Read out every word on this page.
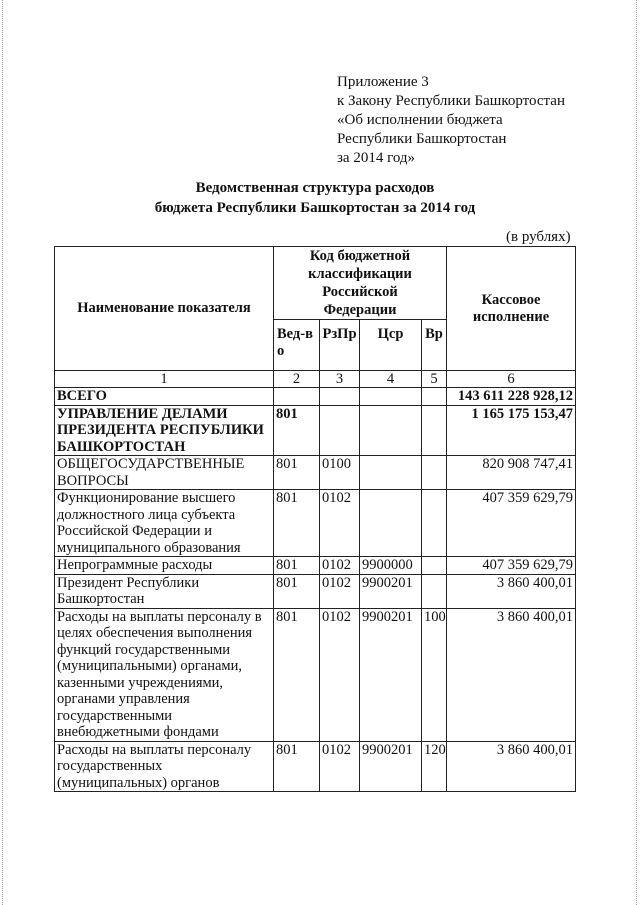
Приложение 3
к Закону Республики Башкортостан
«Об исполнении бюджета
Республики Башкортостан
за 2014 год»
Ведомственная структура расходов
бюджета Республики Башкортостан за 2014 год
(в рублях)
Наименование показателя	Код бюджетной классификации Российской Федерации				Кассовое исполнение
	Вед-во	РзПр	Цср	Вр	
1	2	3	4	5	6
ВСЕГО					143 611 228 928,12
УПРАВЛЕНИЕ ДЕЛАМИ ПРЕЗИДЕНТА РЕСПУБЛИКИ БАШКОРТОСТАН	801				1 165 175 153,47
ОБЩЕГОСУДАРСТВЕННЫЕ ВОПРОСЫ	801	0100			820 908 747,41
Функционирование высшего должностного лица субъекта Российской Федерации и муниципального образования	801	0102			407 359 629,79
Непрограммные расходы	801	0102	9900000		407 359 629,79
Президент Республики Башкортостан	801	0102	9900201		3 860 400,01
Расходы на выплаты персоналу в целях обеспечения выполнения функций государственными (муниципальными) органами, казенными учреждениями, органами управления государственными внебюджетными фондами	801	0102	9900201	100	3 860 400,01
Расходы на выплаты персоналу государственных (муниципальных) органов	801	0102	9900201	120	3 860 400,01
